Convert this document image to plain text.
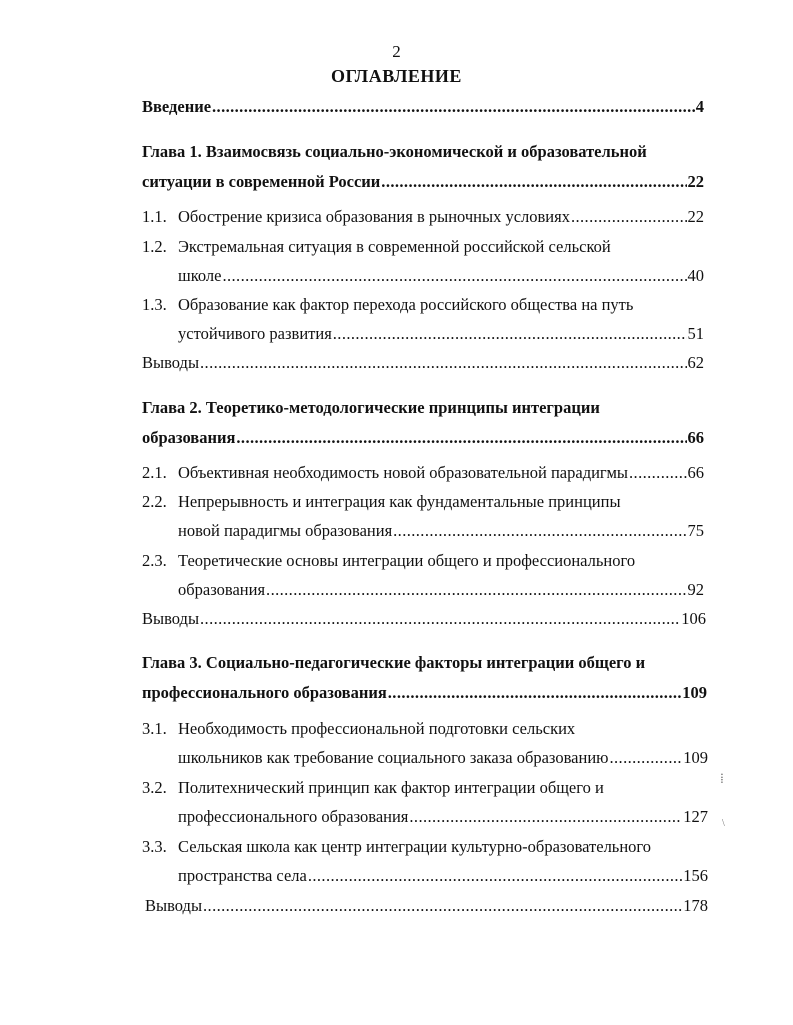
2
ОГЛАВЛЕНИЕ
Введение .....	4
Глава 1. Взаимосвязь социально-экономической и образовательной
ситуации в современной России .....	22
1.1. Обострение кризиса образования в рыночных условиях .....	22
1.2. Экстремальная ситуация в современной российской сельской
школе .....	40
1.3. Образование как фактор перехода российского общества на путь
устойчивого развития .....	51
Выводы .....	62
Глава 2. Теоретико-методологические принципы интеграции
образования .....	66
2.1. Объективная необходимость новой образовательной парадигмы .....	66
2.2. Непрерывность и интеграция как фундаментальные принципы
новой парадигмы образования .....	75
2.3. Теоретические основы интеграции общего и профессионального
образования .....	92
Выводы .....	106
Глава 3. Социально-педагогические факторы интеграции общего и
профессионального образования .....	109
3.1. Необходимость профессиональной подготовки сельских
школьников как требование социального заказа образованию .....	109
3.2. Политехнический принцип как фактор интеграции общего и
профессионального образования .....	127
3.3. Сельская школа как центр интеграции культурно-образовательного
пространства села .....	156
Выводы .....	178
⁞
\
